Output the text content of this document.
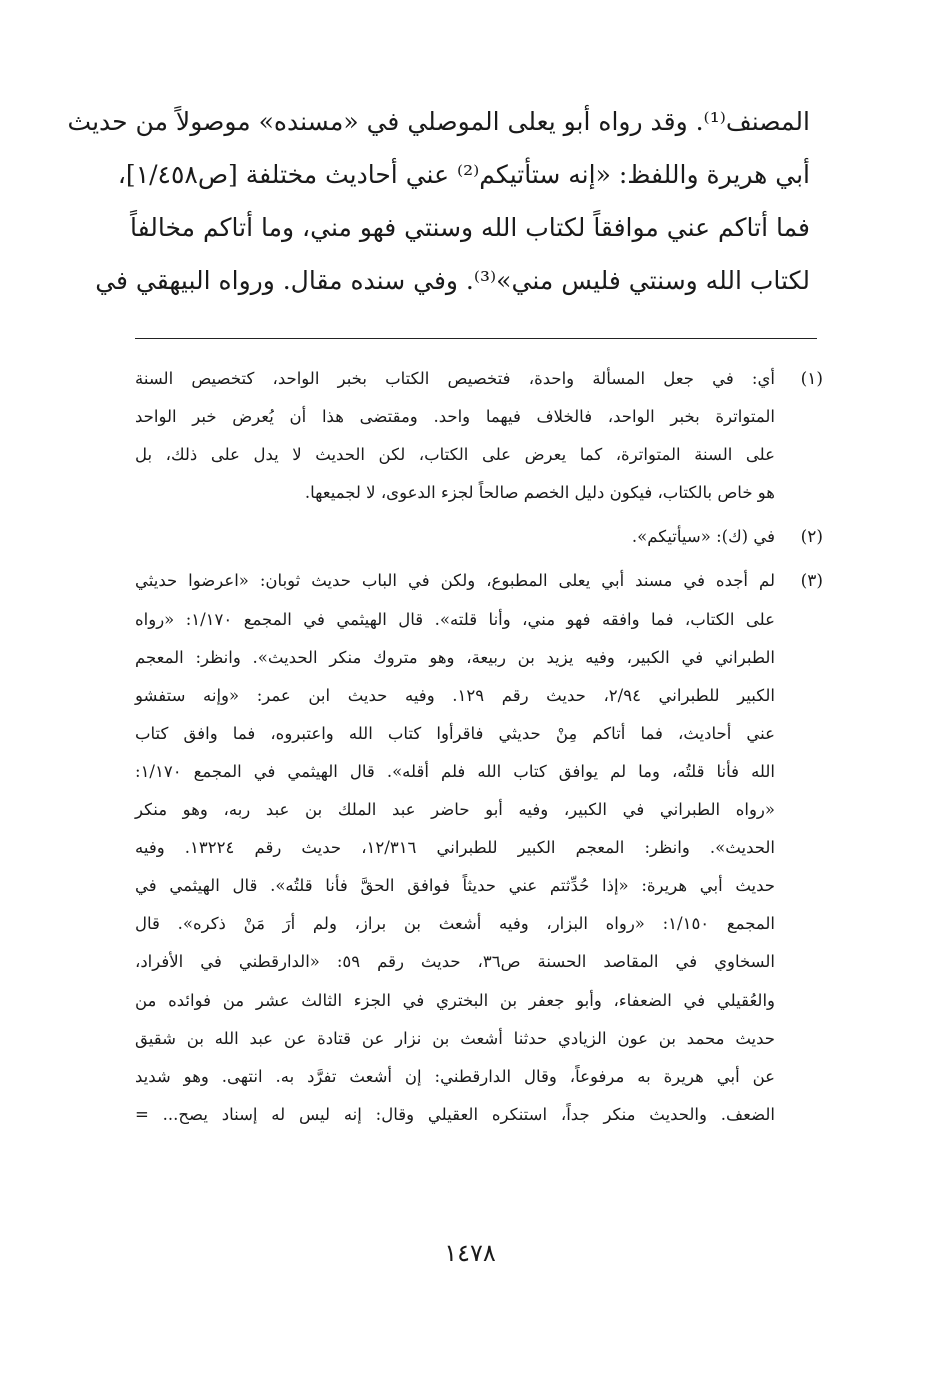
المصنف⁽¹⁾. وقد رواه أبو يعلى الموصلي في «مسنده» موصولاً من حديث
أبي هريرة واللفظ: «إنه ستأتيكم⁽²⁾ عني أحاديث مختلفة [ص١/٤٥٨]،
فما أتاكم عني موافقاً لكتاب الله وسنتي فهو مني، وما أتاكم مخالفاً
لكتاب الله وسنتي فليس مني»⁽³⁾. وفي سنده مقال. ورواه البيهقي في
(١)
أي: في جعل المسألة واحدة، فتخصيص الكتاب بخبر الواحد، كتخصيص السنة
المتواترة بخبر الواحد، فالخلاف فيهما واحد. ومقتضى هذا أن يُعرض خبر الواحد
على السنة المتواترة، كما يعرض على الكتاب، لكن الحديث لا يدل على ذلك، بل
هو خاص بالكتاب، فيكون دليل الخصم صالحاً لجزء الدعوى، لا لجميعها.
(٢)
في (ك): «سيأتيكم».
(٣)
لم أجده في مسند أبي يعلى المطبوع، ولكن في الباب حديث ثوبان: «اعرضوا حديثي
على الكتاب، فما وافقه فهو مني، وأنا قلته». قال الهيثمي في المجمع ١/١٧٠: «رواه
الطبراني في الكبير، وفيه يزيد بن ربيعة، وهو متروك منكر الحديث». وانظر: المعجم
الكبير للطبراني ٢/٩٤، حديث رقم ١٢٩. وفيه حديث ابن عمر: «وإنه ستفشو
عني أحاديث، فما أتاكم مِنْ حديثي فاقرأوا كتاب الله واعتبروه، فما وافق كتاب
الله فأنا قلتُه، وما لم يوافق كتاب الله فلم أقله». قال الهيثمي في المجمع ١/١٧٠:
«رواه الطبراني في الكبير، وفيه أبو حاضر عبد الملك بن عبد ربه، وهو منكر
الحديث». وانظر: المعجم الكبير للطبراني ١٢/٣١٦، حديث رقم ١٣٢٢٤. وفيه
حديث أبي هريرة: «إذا حُدِّثتم عني حديثاً فوافق الحقَّ فأنا قلتُه». قال الهيثمي في
المجمع ١/١٥٠: «رواه البزار، وفيه أشعث بن براز، ولم أرَ مَنْ ذكره». قال
السخاوي في المقاصد الحسنة ص٣٦، حديث رقم ٥٩: «الدارقطني في الأفراد،
والعُقيلي في الضعفاء، وأبو جعفر بن البختري في الجزء الثالث عشر من فوائده من
حديث محمد بن عون الزيادي حدثنا أشعث بن نزار عن قتادة عن عبد الله بن شقيق
عن أبي هريرة به مرفوعاً، وقال الدارقطني: إن أشعث تفرَّد به. انتهى. وهو شديد
الضعف. والحديث منكر جداً، استنكره العقيلي وقال: إنه ليس له إسناد يصح... =
١٤٧٨
